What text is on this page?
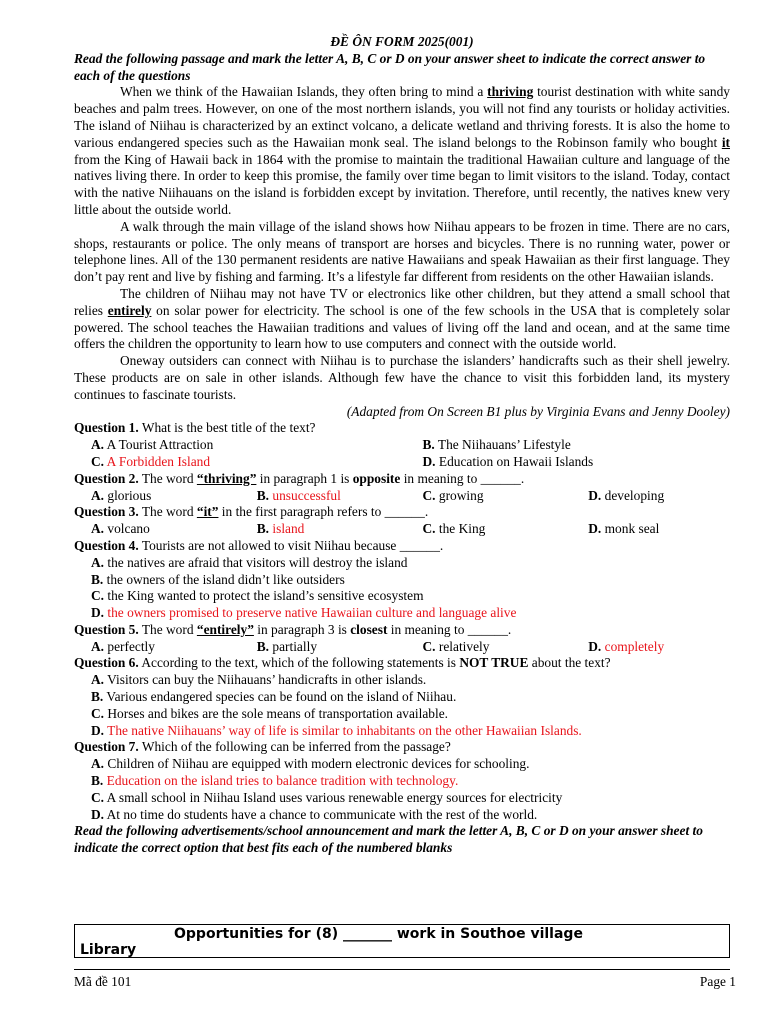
ĐỀ ÔN FORM 2025(001)
Read the following passage and mark the letter A, B, C or D on your answer sheet to indicate the correct answer to each of the questions

When we think of the Hawaiian Islands, they often bring to mind a thriving tourist destination with white sandy beaches and palm trees. However, on one of the most northern islands, you will not find any tourists or holiday activities. The island of Niihau is characterized by an extinct volcano, a delicate wetland and thriving forests. It is also the home to various endangered species such as the Hawaiian monk seal. The island belongs to the Robinson family who bought it from the King of Hawaii back in 1864 with the promise to maintain the traditional Hawaiian culture and language of the natives living there. In order to keep this promise, the family over time began to limit visitors to the island. Today, contact with the native Niihauans on the island is forbidden except by invitation. Therefore, until recently, the natives knew very little about the outside world.

A walk through the main village of the island shows how Niihau appears to be frozen in time. There are no cars, shops, restaurants or police. The only means of transport are horses and bicycles. There is no running water, power or telephone lines. All of the 130 permanent residents are native Hawaiians and speak Hawaiian as their first language. They don’t pay rent and live by fishing and farming. It’s a lifestyle far different from residents on the other Hawaiian islands.

The children of Niihau may not have TV or electronics like other children, but they attend a small school that relies entirely on solar power for electricity. The school is one of the few schools in the USA that is completely solar powered. The school teaches the Hawaiian traditions and values of living off the land and ocean, and at the same time offers the children the opportunity to learn how to use computers and connect with the outside world.

Oneway outsiders can connect with Niihau is to purchase the islanders’ handicrafts such as their shell jewelry. These products are on sale in other islands. Although few have the chance to visit this forbidden land, its mystery continues to fascinate tourists.

(Adapted from On Screen B1 plus by Virginia Evans and Jenny Dooley)
Question 1. What is the best title of the text?
A. A Tourist Attraction	B. The Niihauans’ Lifestyle
C. A Forbidden Island	D. Education on Hawaii Islands
Question 2. The word “thriving” in paragraph 1 is opposite in meaning to ______.
A. glorious	B. unsuccessful	C. growing	D. developing
Question 3. The word “it” in the first paragraph refers to ______.
A. volcano	B. island	C. the King	D. monk seal
Question 4. Tourists are not allowed to visit Niihau because ______.
A. the natives are afraid that visitors will destroy the island
B. the owners of the island didn’t like outsiders
C. the King wanted to protect the island’s sensitive ecosystem
D. the owners promised to preserve native Hawaiian culture and language alive
Question 5. The word “entirely” in paragraph 3 is closest in meaning to ______.
A. perfectly	B. partially	C. relatively	D. completely
Question 6. According to the text, which of the following statements is NOT TRUE about the text?
A. Visitors can buy the Niihauans’ handicrafts in other islands.
B. Various endangered species can be found on the island of Niihau.
C. Horses and bikes are the sole means of transportation available.
D. The native Niihauans’ way of life is similar to inhabitants on the other Hawaiian Islands.
Question 7. Which of the following can be inferred from the passage?
A. Children of Niihau are equipped with modern electronic devices for schooling.
B. Education on the island tries to balance tradition with technology.
C. A small school in Niihau Island uses various renewable energy sources for electricity
D. At no time do students have a chance to communicate with the rest of the world.
Read the following advertisements/school announcement and mark the letter A, B, C or D on your answer sheet to indicate the correct option that best fits each of the numbered blanks
Opportunities for (8) _______ work in Southoe village
Library
Mã đề 101	Page 1
